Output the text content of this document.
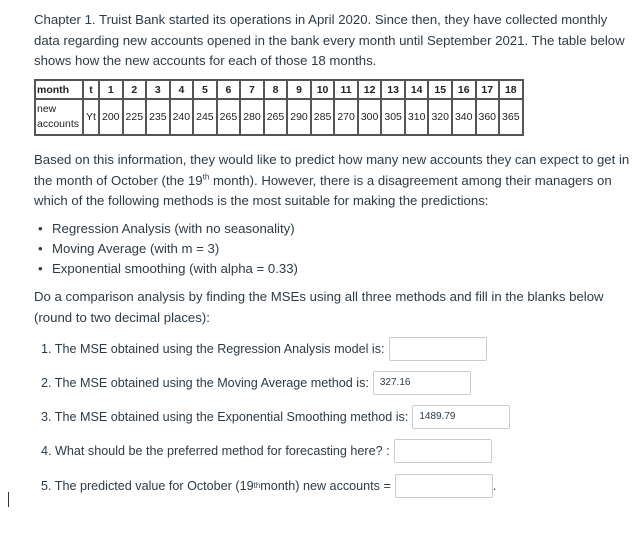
Chapter 1. Truist Bank started its operations in April 2020. Since then, they have collected monthly data regarding new accounts opened in the bank every month until September 2021. The table below shows how the new accounts for each of those 18 months.

month	t	1	2	3	4	5	6	7	8	9	10	11	12	13	14	15	16	17	18
new
accounts	Yt	200	225	235	240	245	265	280	265	290	285	270	300	305	310	320	340	360	365

Based on this information, they would like to predict how many new accounts they can expect to get in the month of October (the 19th month). However, there is a disagreement among their managers on which of the following methods is the most suitable for making the predictions:

• Regression Analysis (with no seasonality)
• Moving Average (with m = 3)
• Exponential smoothing (with alpha = 0.33)

Do a comparison analysis by finding the MSEs using all three methods and fill in the blanks below (round to two decimal places):

1. The MSE obtained using the Regression Analysis model is:
2. The MSE obtained using the Moving Average method is:	327.16
3. The MSE obtained using the Exponential Smoothing method is:	1489.79
4. What should be the preferred method for forecasting here? :
5. The predicted value for October (19 th month) new accounts =	.
